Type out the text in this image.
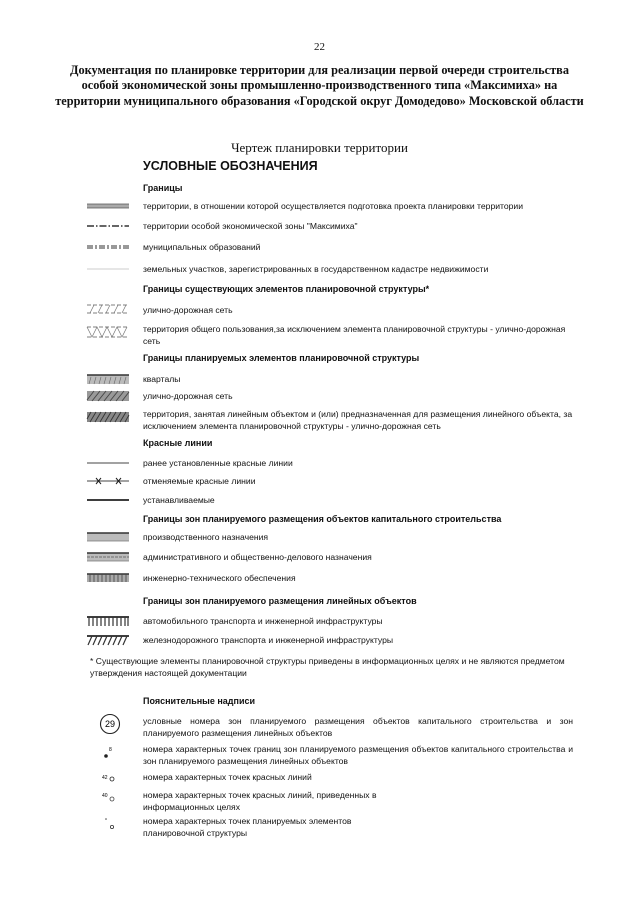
22
Документация по планировке территории для реализации первой очереди строительства особой экономической зоны промышленно-производственного типа «Максимиха» на территории муниципального образования «Городской округ Домодедово» Московской области
Чертеж планировки территории
УСЛОВНЫЕ ОБОЗНАЧЕНИЯ
Границы
территории, в отношении которой осуществляется подготовка проекта планировки территории
территории особой экономической зоны "Максимиха"
муниципальных образований
земельных участков, зарегистрированных в государственном кадастре недвижимости
Границы существующих элементов планировочной структуры*
улично-дорожная сеть
территория общего пользования,за исключением элемента планировочной структуры - улично-дорожная сеть
Границы планируемых элементов планировочной структуры
кварталы
улично-дорожная сеть
территория, занятая линейным объектом и (или) предназначенная для размещения линейного объекта, за исключением элемента планировочной структуры - улично-дорожная сеть
Красные линии
ранее установленные красные линии
отменяемые красные линии
устанавливаемые
Границы зон планируемого размещения объектов капитального строительства
производственного назначения
административного и общественно-делового назначения
инженерно-технического обеспечения
Границы зон планируемого размещения линейных объектов
автомобильного транспорта и инженерной инфраструктуры
железнодорожного транспорта и инженерной инфраструктуры
* Существующие элементы планировочной структуры приведены в информационных целях и не являются предметом утверждения настоящей документации
Пояснительные надписи
29	условные номера зон планируемого размещения объектов капитального строительства и зон планируемого размещения линейных объектов
8	номера характерных точек границ зон планируемого размещения объектов капитального строительства и зон планируемого размещения линейных объектов
42	номера характерных точек красных линий
40	номера характерных точек красных линий, приведенных в информационных целях
номера характерных точек планируемых элементов планировочной структуры
